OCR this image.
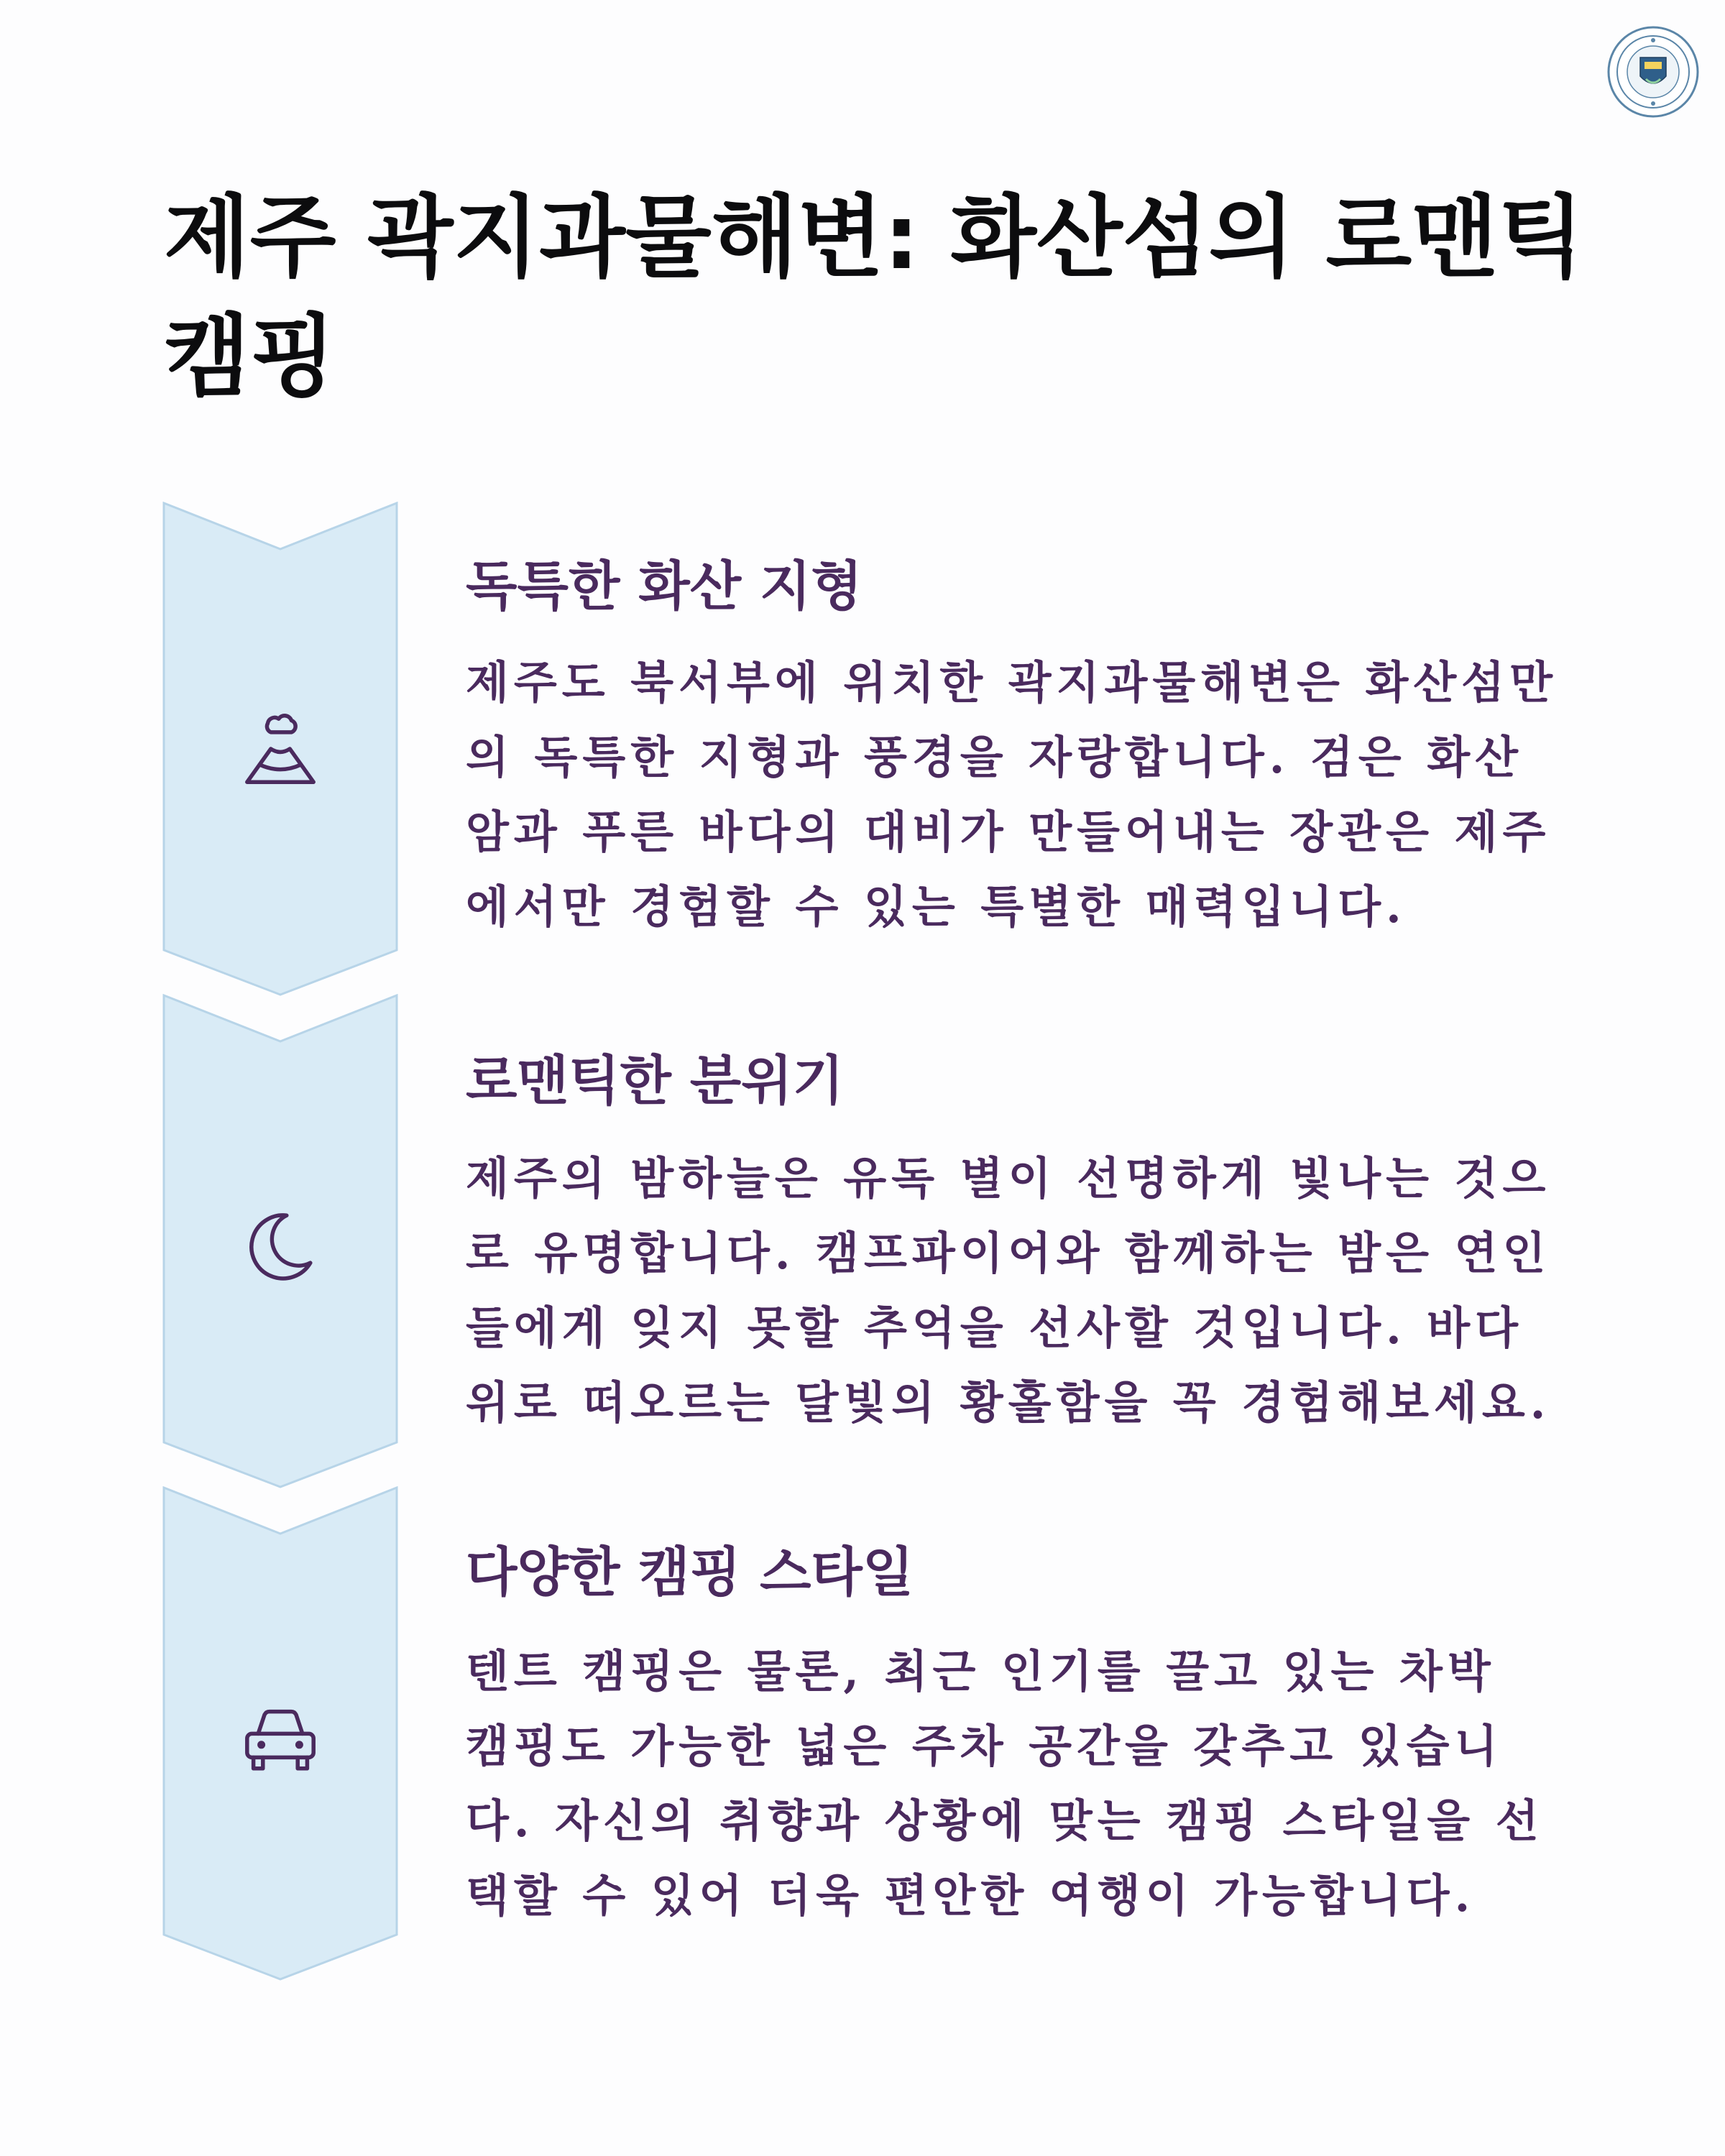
제주 곽지과물해변: 화산섬의 로맨틱 캠핑
독특한 화산 지형

제주도 북서부에 위치한 곽지과물해변은 화산섬만의 독특한 지형과 풍경을 자랑합니다. 검은 화산암과 푸른 바다의 대비가 만들어내는 장관은 제주에서만 경험할 수 있는 특별한 매력입니다.

로맨틱한 분위기

제주의 밤하늘은 유독 별이 선명하게 빛나는 것으로 유명합니다. 캠프파이어와 함께하는 밤은 연인들에게 잊지 못할 추억을 선사할 것입니다. 바다 위로 떠오르는 달빛의 황홀함을 꼭 경험해보세요.

다양한 캠핑 스타일

텐트 캠핑은 물론, 최근 인기를 끌고 있는 차박 캠핑도 가능한 넓은 주차 공간을 갖추고 있습니다. 자신의 취향과 상황에 맞는 캠핑 스타일을 선택할 수 있어 더욱 편안한 여행이 가능합니다.
